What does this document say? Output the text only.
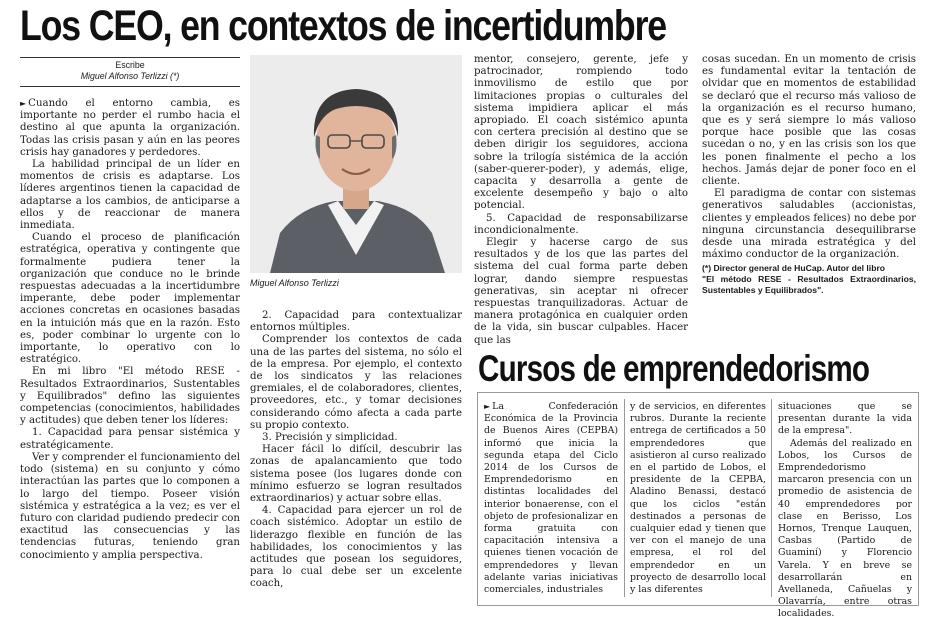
Los CEO, en contextos de incertidumbre
Escribe
Miguel Alfonso Terlizzi (*)

► Cuando el entorno cambia, es importante no perder el rumbo hacia el destino al que apunta la organización. Todas las crisis pasan y aún en las peores crisis hay ganadores y perdedores.

La habilidad principal de un líder en momentos de crisis es adaptarse. Los líderes argentinos tienen la capacidad de adaptarse a los cambios, de anticiparse a ellos y de reaccionar de manera inmediata.

Cuando el proceso de planificación estratégica, operativa y contingente que formalmente pudiera tener la organización que conduce no le brinde respuestas adecuadas a la incertidumbre imperante, debe poder implementar acciones concretas en ocasiones basadas en la intuición más que en la razón. Esto es, poder combinar lo urgente con lo importante, lo operativo con lo estratégico.

En mi libro "El método RESE - Resultados Extraordinarios, Sustentables y Equilibrados" defino las siguientes competencias (conocimientos, habilidades y actitudes) que deben tener los líderes:

1. Capacidad para pensar sistémica y estratégicamente.

Ver y comprender el funcionamiento del todo (sistema) en su conjunto y cómo interactúan las partes que lo componen a lo largo del tiempo. Poseer visión sistémica y estratégica a la vez; es ver el futuro con claridad pudiendo predecir con exactitud las consecuencias y las tendencias futuras, teniendo gran conocimiento y amplia perspectiva.

Miguel Alfonso Terlizzi

2. Capacidad para contextualizar entornos múltiples.

Comprender los contextos de cada una de las partes del sistema, no sólo el de la empresa. Por ejemplo, el contexto de los sindicatos y las relaciones gremiales, el de colaboradores, clientes, proveedores, etc., y tomar decisiones considerando cómo afecta a cada parte su propio contexto.

3. Precisión y simplicidad.

Hacer fácil lo difícil, descubrir las zonas de apalancamiento que todo sistema posee (los lugares donde con mínimo esfuerzo se logran resultados extraordinarios) y actuar sobre ellas.

4. Capacidad para ejercer un rol de coach sistémico. Adoptar un estilo de liderazgo flexible en función de las habilidades, los conocimientos y las actitudes que posean los seguidores, para lo cual debe ser un excelente coach,

mentor, consejero, gerente, jefe y patrocinador, rompiendo todo inmovilismo de estilo que por limitaciones propias o culturales del sistema impidiera aplicar el más apropiado. El coach sistémico apunta con certera precisión al destino que se deben dirigir los seguidores, acciona sobre la trilogía sistémica de la acción (saber-querer-poder), y además, elige, capacita y desarrolla a gente de excelente desempeño y bajo o alto potencial.

5. Capacidad de responsabilizarse incondicionalmente.

Elegir y hacerse cargo de sus resultados y de los que las partes del sistema del cual forma parte deben lograr, dando siempre respuestas generativas, sin aceptar ni ofrecer respuestas tranquilizadoras. Actuar de manera protagónica en cualquier orden de la vida, sin buscar culpables. Hacer que las

cosas sucedan. En un momento de crisis es fundamental evitar la tentación de olvidar que en momentos de estabilidad se declaró que el recurso más valioso de la organización es el recurso humano, que es y será siempre lo más valioso porque hace posible que las cosas sucedan o no, y en las crisis son los que les ponen finalmente el pecho a los hechos. Jamás dejar de poner foco en el cliente.

El paradigma de contar con sistemas generativos saludables (accionistas, clientes y empleados felices) no debe por ninguna circunstancia desequilibrarse desde una mirada estratégica y del máximo conductor de la organización.

(*) Director general de HuCap. Autor del libro

"El método RESE - Resultados Extraordinarios, Sustentables y Equilibrados".

Cursos de emprendedorismo

► La Confederación Económica de la Provincia de Buenos Aires (CEPBA) informó que inicia la segunda etapa del Ciclo 2014 de los Cursos de Emprendedorismo en distintas localidades del interior bonaerense, con el objeto de profesionalizar en forma gratuita con capacitación intensiva a quienes tienen vocación de emprendedores y llevan adelante varias iniciativas comerciales, industriales

y de servicios, en diferentes rubros. Durante la reciente entrega de certificados a 50 emprendedores que asistieron al curso realizado en el partido de Lobos, el presidente de la CEPBA, Aladino Benassi, destacó que los ciclos "están destinados a personas de cualquier edad y tienen que ver con el manejo de una empresa, el rol del emprendedor en un proyecto de desarrollo local y las diferentes

situaciones que se presentan durante la vida de la empresa".

Además del realizado en Lobos, los Cursos de Emprendedorismo marcaron presencia con un promedio de asistencia de 40 emprendedores por clase en Berisso, Los Hornos, Trenque Lauquen, Casbas (Partido de Guaminí) y Florencio Varela. Y en breve se desarrollarán en Avellaneda, Cañuelas y Olavarría, entre otras localidades.
